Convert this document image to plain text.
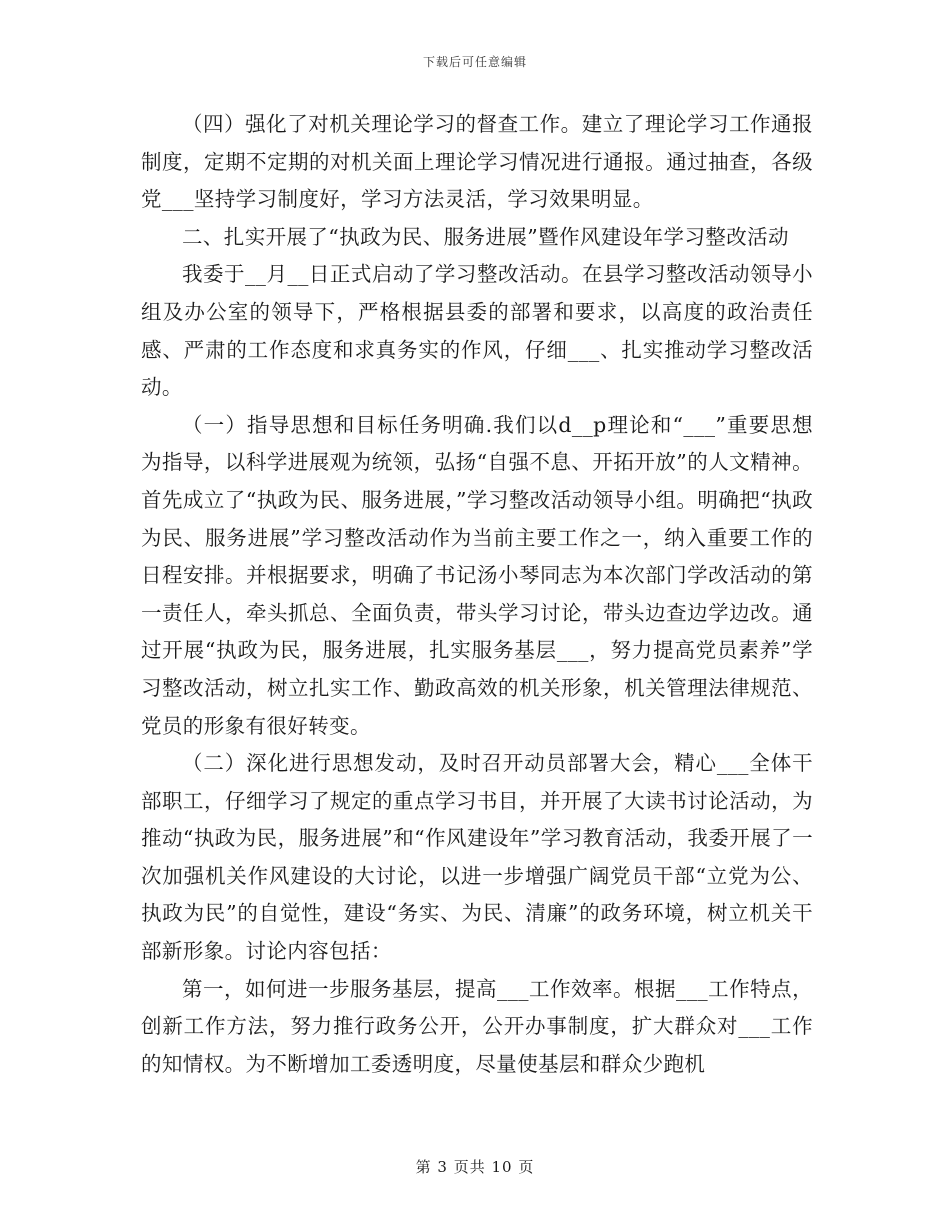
下载后可任意编辑

（四）强化了对机关理论学习的督查工作。建立了理论学习工作通报制度，定期不定期的对机关面上理论学习情况进行通报。通过抽查，各级党___坚持学习制度好，学习方法灵活，学习效果明显。

二、扎实开展了“执政为民、服务进展”暨作风建设年学习整改活动

我委于__月__日正式启动了学习整改活动。在县学习整改活动领导小组及办公室的领导下，严格根据县委的部署和要求，以高度的政治责任感、严肃的工作态度和求真务实的作风，仔细___、扎实推动学习整改活动。

（一）指导思想和目标任务明确.我们以d__p理论和“___”重要思想为指导，以科学进展观为统领，弘扬“自强不息、开拓开放”的人文精神。首先成立了“执政为民、服务进展，”学习整改活动领导小组。明确把“执政为民、服务进展”学习整改活动作为当前主要工作之一，纳入重要工作的日程安排。并根据要求，明确了书记汤小琴同志为本次部门学改活动的第一责任人，牵头抓总、全面负责，带头学习讨论，带头边查边学边改。通过开展“执政为民，服务进展，扎实服务基层___，努力提高党员素养”学习整改活动，树立扎实工作、勤政高效的机关形象，机关管理法律规范、党员的形象有很好转变。

（二）深化进行思想发动，及时召开动员部署大会，精心___全体干部职工，仔细学习了规定的重点学习书目，并开展了大读书讨论活动，为推动“执政为民，服务进展”和“作风建设年”学习教育活动，我委开展了一次加强机关作风建设的大讨论，以进一步增强广阔党员干部“立党为公、执政为民”的自觉性，建设“务实、为民、清廉”的政务环境，树立机关干部新形象。讨论内容包括：

第一，如何进一步服务基层，提高___工作效率。根据___工作特点，创新工作方法，努力推行政务公开，公开办事制度，扩大群众对___工作的知情权。为不断增加工委透明度，尽量使基层和群众少跑机

第 3 页共 10 页
